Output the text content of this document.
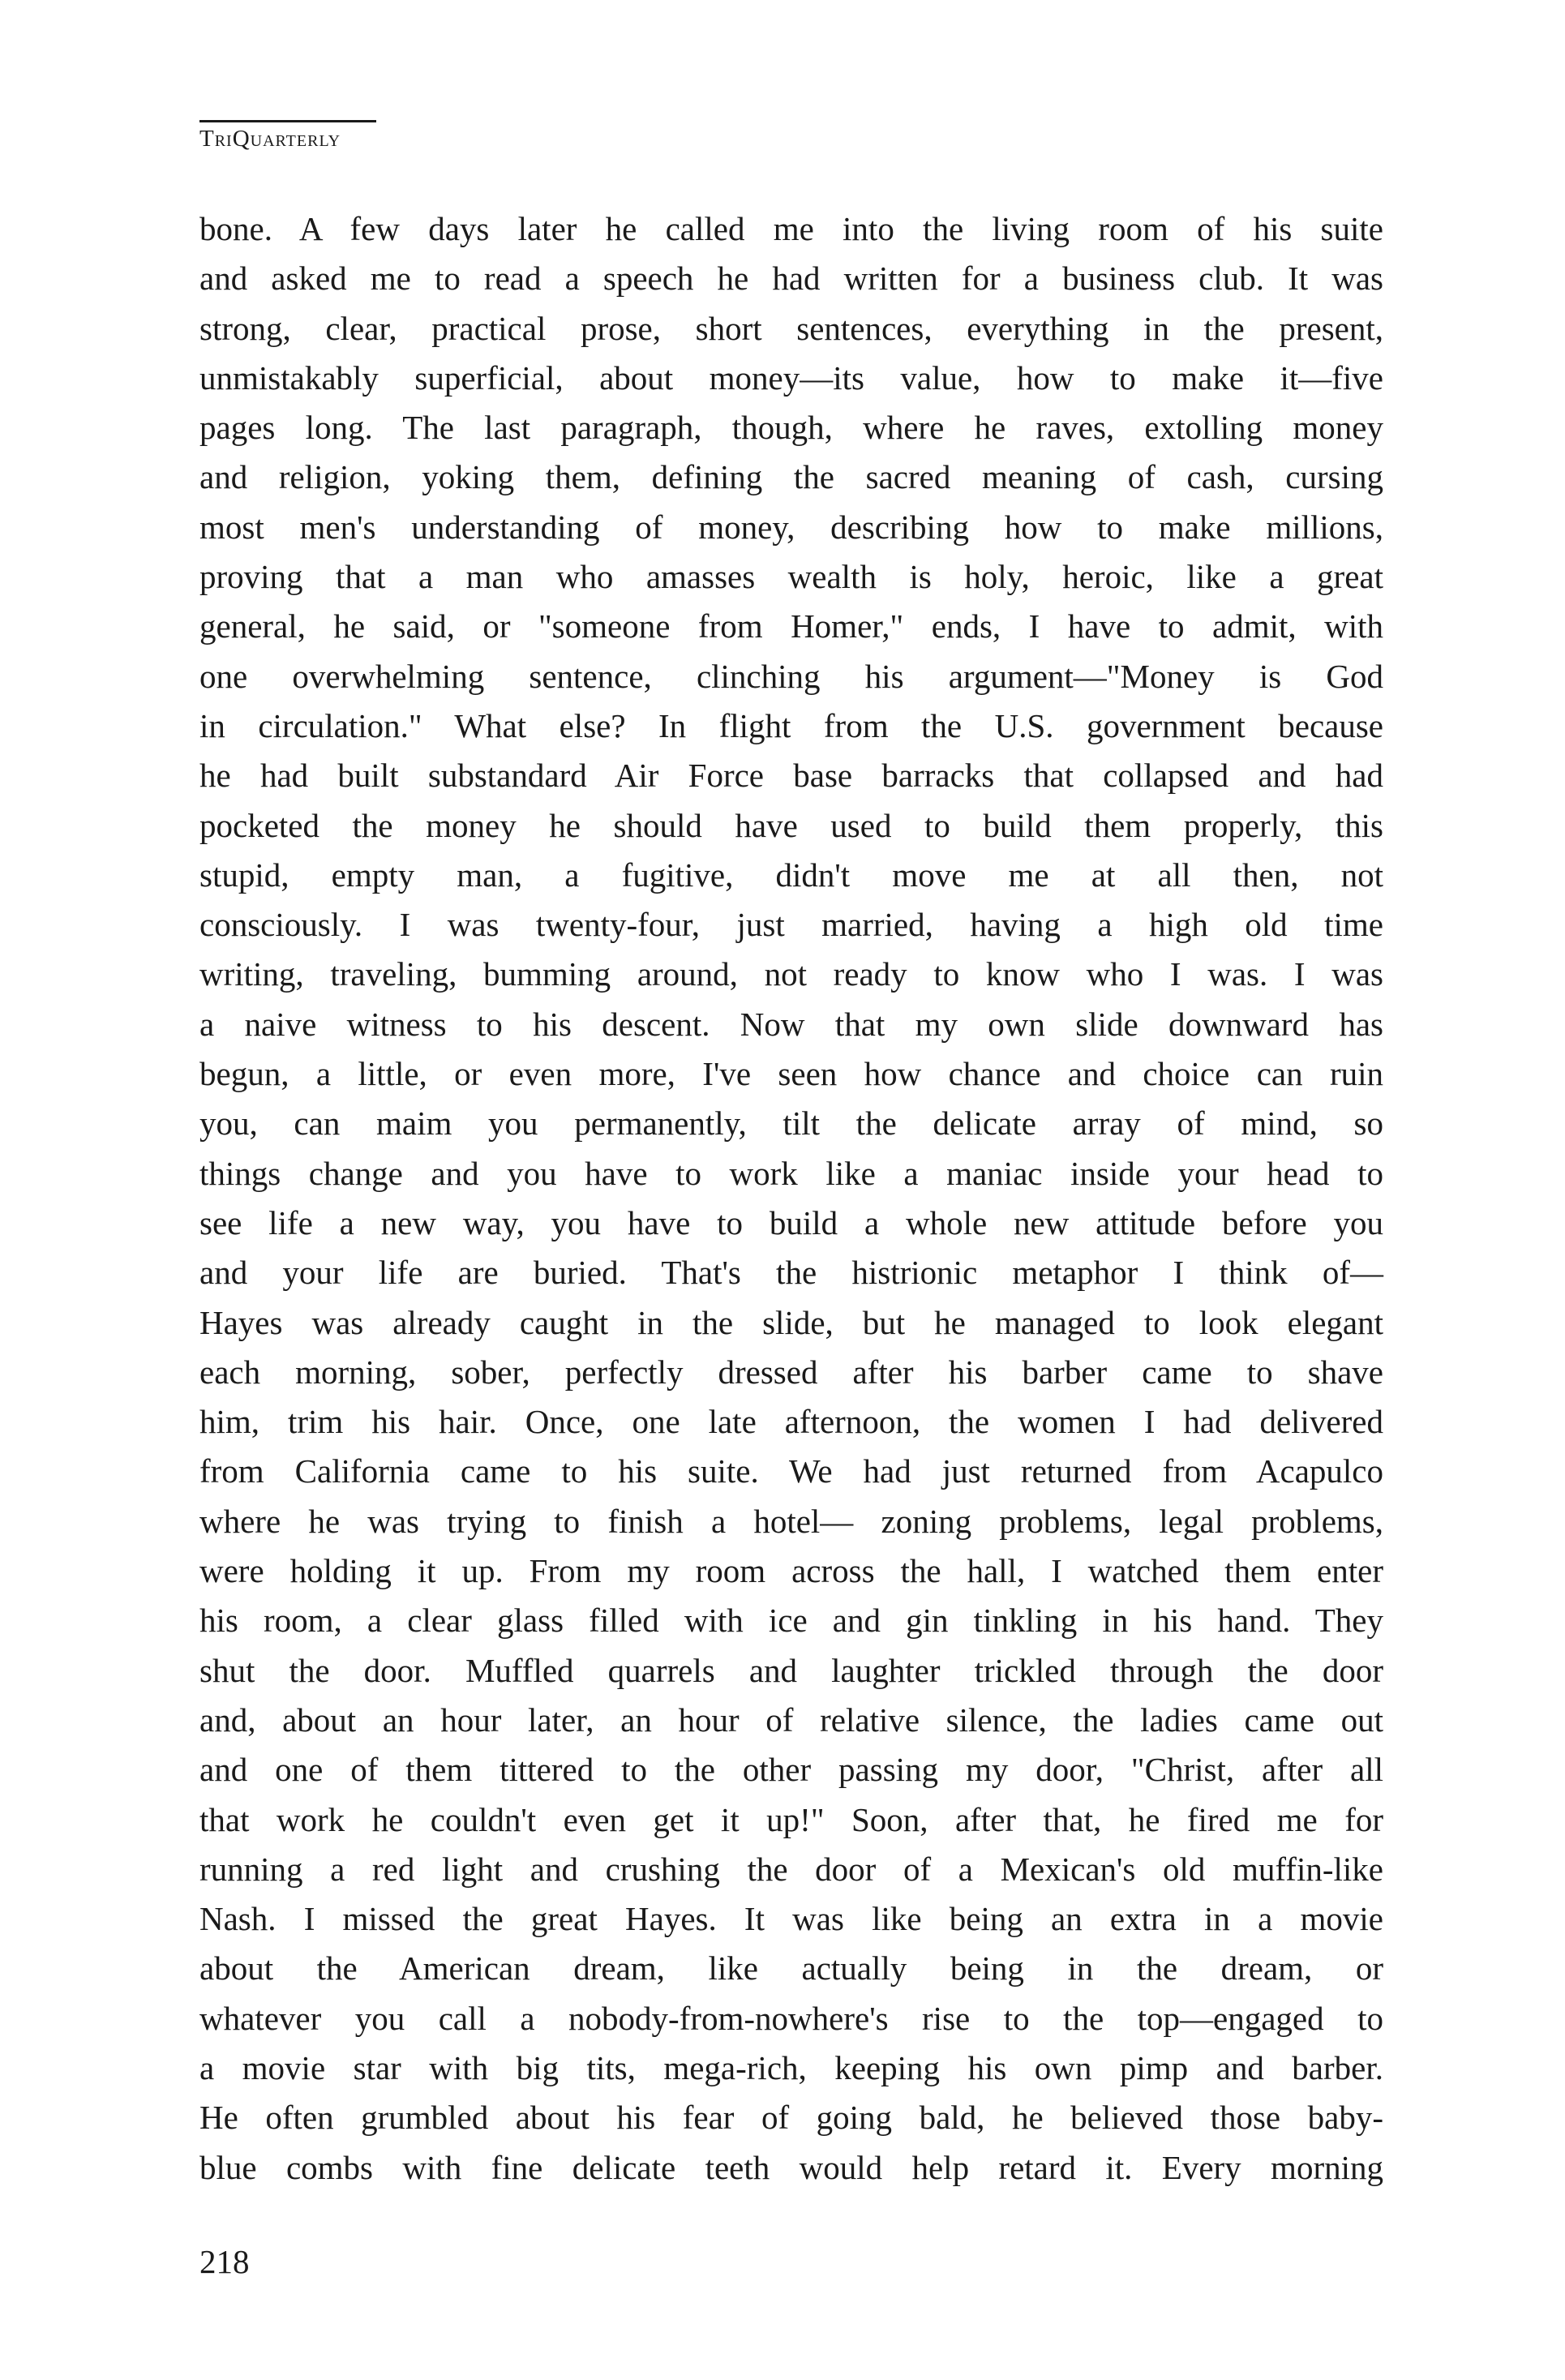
TriQuarterly
bone. A few days later he called me into the living room of his suite
and asked me to read a speech he had written for a business club. It was
strong, clear, practical prose, short sentences, everything in the present,
unmistakably superficial, about money—its value, how to make it—five
pages long. The last paragraph, though, where he raves, extolling money
and religion, yoking them, defining the sacred meaning of cash, cursing
most men's understanding of money, describing how to make millions,
proving that a man who amasses wealth is holy, heroic, like a great
general, he said, or "someone from Homer," ends, I have to admit, with
one overwhelming sentence, clinching his argument—"Money is God
in circulation." What else? In flight from the U.S. government because
he had built substandard Air Force base barracks that collapsed and had
pocketed the money he should have used to build them properly, this
stupid, empty man, a fugitive, didn't move me at all then, not
consciously. I was twenty-four, just married, having a high old time
writing, traveling, bumming around, not ready to know who I was. I was
a naive witness to his descent. Now that my own slide downward has
begun, a little, or even more, I've seen how chance and choice can ruin
you, can maim you permanently, tilt the delicate array of mind, so
things change and you have to work like a maniac inside your head to
see life a new way, you have to build a whole new attitude before you
and your life are buried. That's the histrionic metaphor I think of—
Hayes was already caught in the slide, but he managed to look elegant
each morning, sober, perfectly dressed after his barber came to shave
him, trim his hair. Once, one late afternoon, the women I had delivered
from California came to his suite. We had just returned from Acapulco
where he was trying to finish a hotel— zoning problems, legal problems,
were holding it up. From my room across the hall, I watched them enter
his room, a clear glass filled with ice and gin tinkling in his hand. They
shut the door. Muffled quarrels and laughter trickled through the door
and, about an hour later, an hour of relative silence, the ladies came out
and one of them tittered to the other passing my door, "Christ, after all
that work he couldn't even get it up!" Soon, after that, he fired me for
running a red light and crushing the door of a Mexican's old muffin-like
Nash. I missed the great Hayes. It was like being an extra in a movie
about the American dream, like actually being in the dream, or
whatever you call a nobody-from-nowhere's rise to the top—engaged to
a movie star with big tits, mega-rich, keeping his own pimp and barber.
He often grumbled about his fear of going bald, he believed those baby-
blue combs with fine delicate teeth would help retard it. Every morning
218
